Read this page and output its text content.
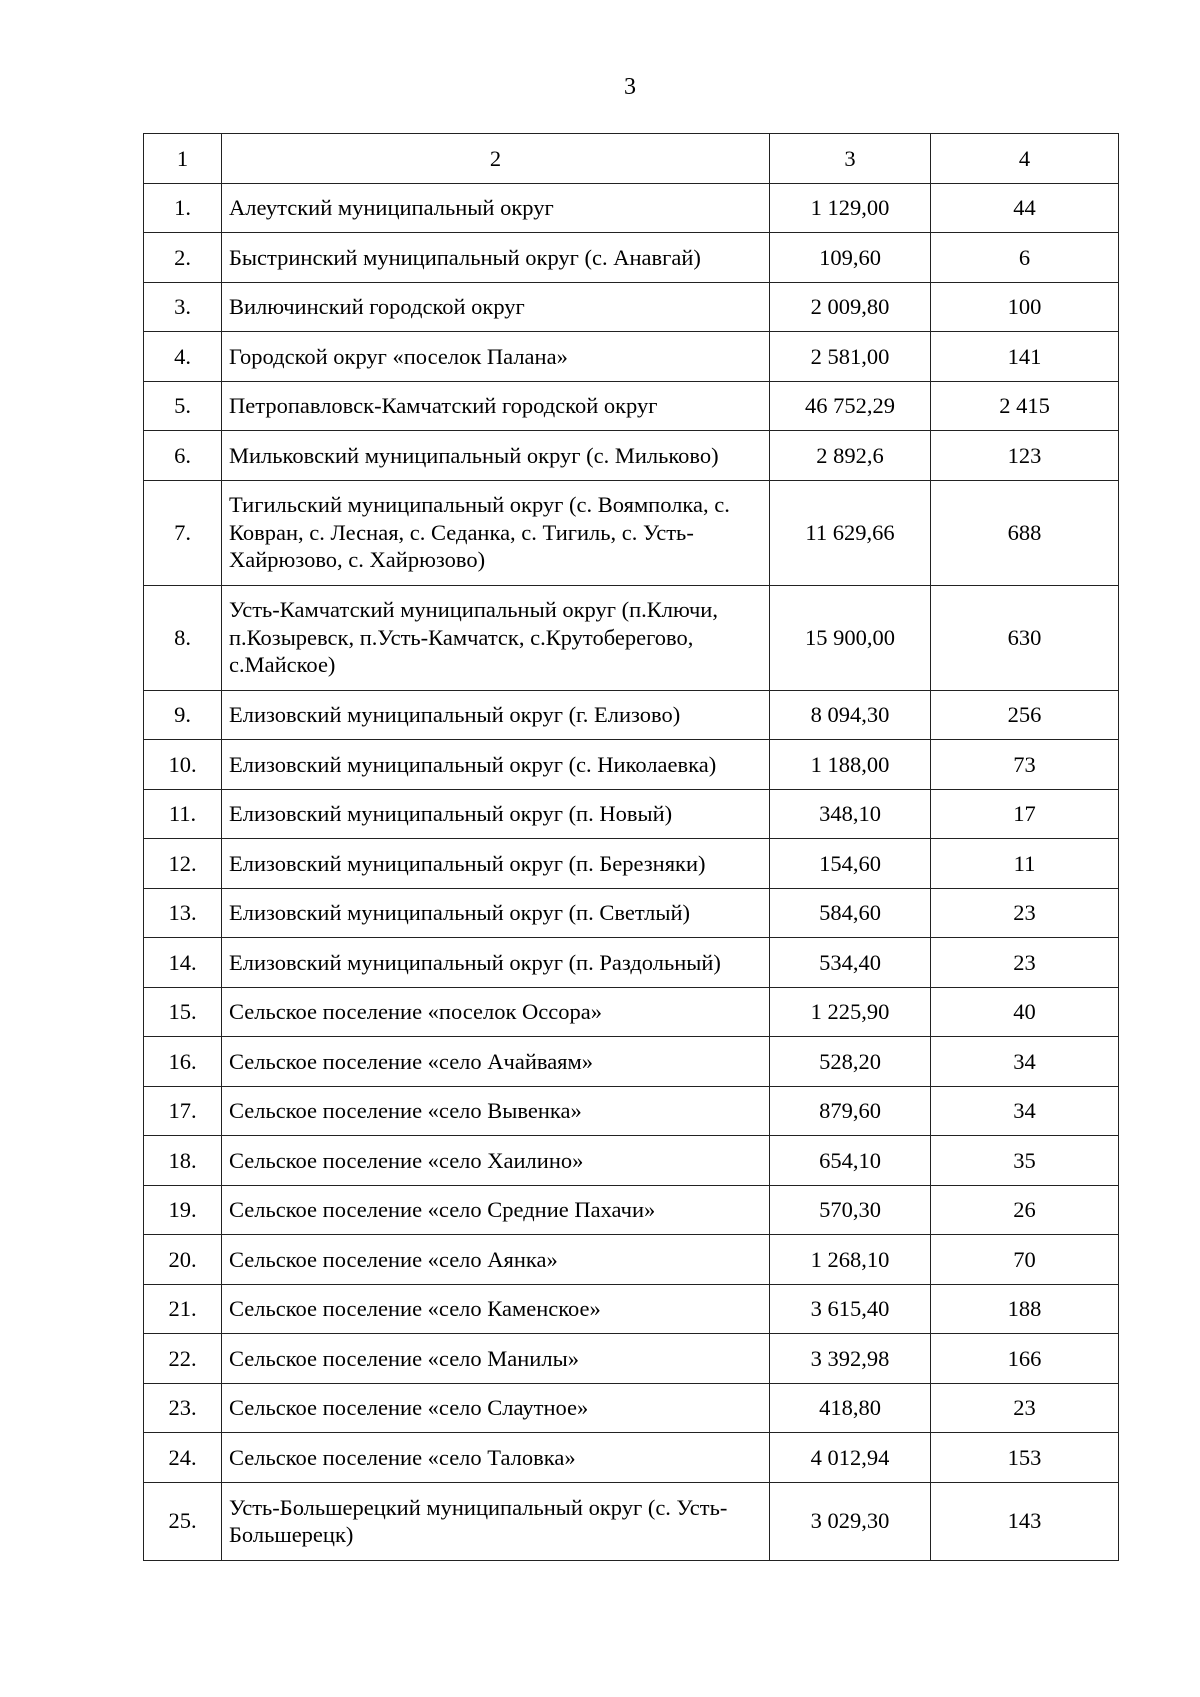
3
1	2	3	4
1.	Алеутский муниципальный округ	1 129,00	44
2.	Быстринский муниципальный округ (с. Анавгай)	109,60	6
3.	Вилючинский городской округ	2 009,80	100
4.	Городской округ «поселок Палана»	2 581,00	141
5.	Петропавловск-Камчатский городской округ	46 752,29	2 415
6.	Мильковский муниципальный округ (с. Мильково)	2 892,6	123
7.	Тигильский муниципальный округ (с. Воямполка, с. Ковран, с. Лесная, с. Седанка, с. Тигиль, с. Усть-Хайрюзово, с. Хайрюзово)	11 629,66	688
8.	Усть-Камчатский муниципальный округ (п.Ключи, п.Козыревск, п.Усть-Камчатск, с.Крутоберегово, с.Майское)	15 900,00	630
9.	Елизовский муниципальный округ (г. Елизово)	8 094,30	256
10.	Елизовский муниципальный округ (с. Николаевка)	1 188,00	73
11.	Елизовский муниципальный округ (п. Новый)	348,10	17
12.	Елизовский муниципальный округ (п. Березняки)	154,60	11
13.	Елизовский муниципальный округ (п. Светлый)	584,60	23
14.	Елизовский муниципальный округ (п. Раздольный)	534,40	23
15.	Сельское поселение «поселок Оссора»	1 225,90	40
16.	Сельское поселение «село Ачайваям»	528,20	34
17.	Сельское поселение «село Вывенка»	879,60	34
18.	Сельское поселение «село Хаилино»	654,10	35
19.	Сельское поселение «село Средние Пахачи»	570,30	26
20.	Сельское поселение «село Аянка»	1 268,10	70
21.	Сельское поселение «село Каменское»	3 615,40	188
22.	Сельское поселение «село Манилы»	3 392,98	166
23.	Сельское поселение «село Слаутное»	418,80	23
24.	Сельское поселение «село Таловка»	4 012,94	153
25.	Усть-Большерецкий муниципальный округ (с. Усть-Большерецк)	3 029,30	143
